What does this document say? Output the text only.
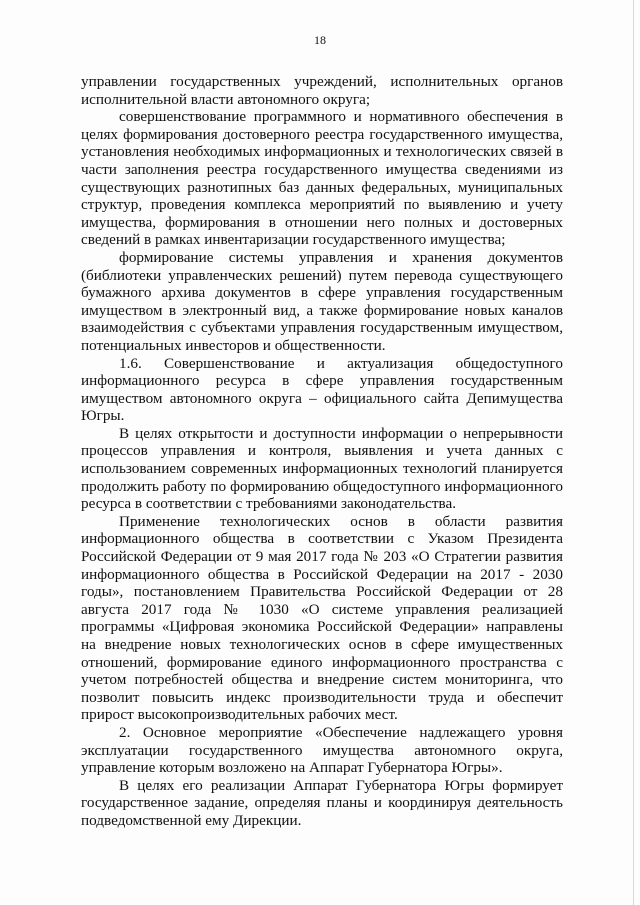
18

управлении государственных учреждений, исполнительных органов исполнительной власти автономного округа;

совершенствование программного и нормативного обеспечения в целях формирования достоверного реестра государственного имущества, установления необходимых информационных и технологических связей в части заполнения реестра государственного имущества сведениями из существующих разнотипных баз данных федеральных, муниципальных структур, проведения комплекса мероприятий по выявлению и учету имущества, формирования в отношении него полных и достоверных сведений в рамках инвентаризации государственного имущества;

формирование системы управления и хранения документов (библиотеки управленческих решений) путем перевода существующего бумажного архива документов в сфере управления государственным имуществом в электронный вид, а также формирование новых каналов взаимодействия с субъектами управления государственным имуществом, потенциальных инвесторов и общественности.

1.6. Совершенствование и актуализация общедоступного информационного ресурса в сфере управления государственным имуществом автономного округа – официального сайта Депимущества Югры.

В целях открытости и доступности информации о непрерывности процессов управления и контроля, выявления и учета данных с использованием современных информационных технологий планируется продолжить работу по формированию общедоступного информационного ресурса в соответствии с требованиями законодательства.

Применение технологических основ в области развития информационного общества в соответствии с Указом Президента Российской Федерации от 9 мая 2017 года № 203 «О Стратегии развития информационного общества в Российской Федерации на 2017 - 2030 годы», постановлением Правительства Российской Федерации от 28 августа 2017 года № 1030 «О системе управления реализацией программы «Цифровая экономика Российской Федерации» направлены на внедрение новых технологических основ в сфере имущественных отношений, формирование единого информационного пространства с учетом потребностей общества и внедрение систем мониторинга, что позволит повысить индекс производительности труда и обеспечит прирост высокопроизводительных рабочих мест.

2. Основное мероприятие «Обеспечение надлежащего уровня эксплуатации государственного имущества автономного округа, управление которым возложено на Аппарат Губернатора Югры».

В целях его реализации Аппарат Губернатора Югры формирует государственное задание, определяя планы и координируя деятельность подведомственной ему Дирекции.
